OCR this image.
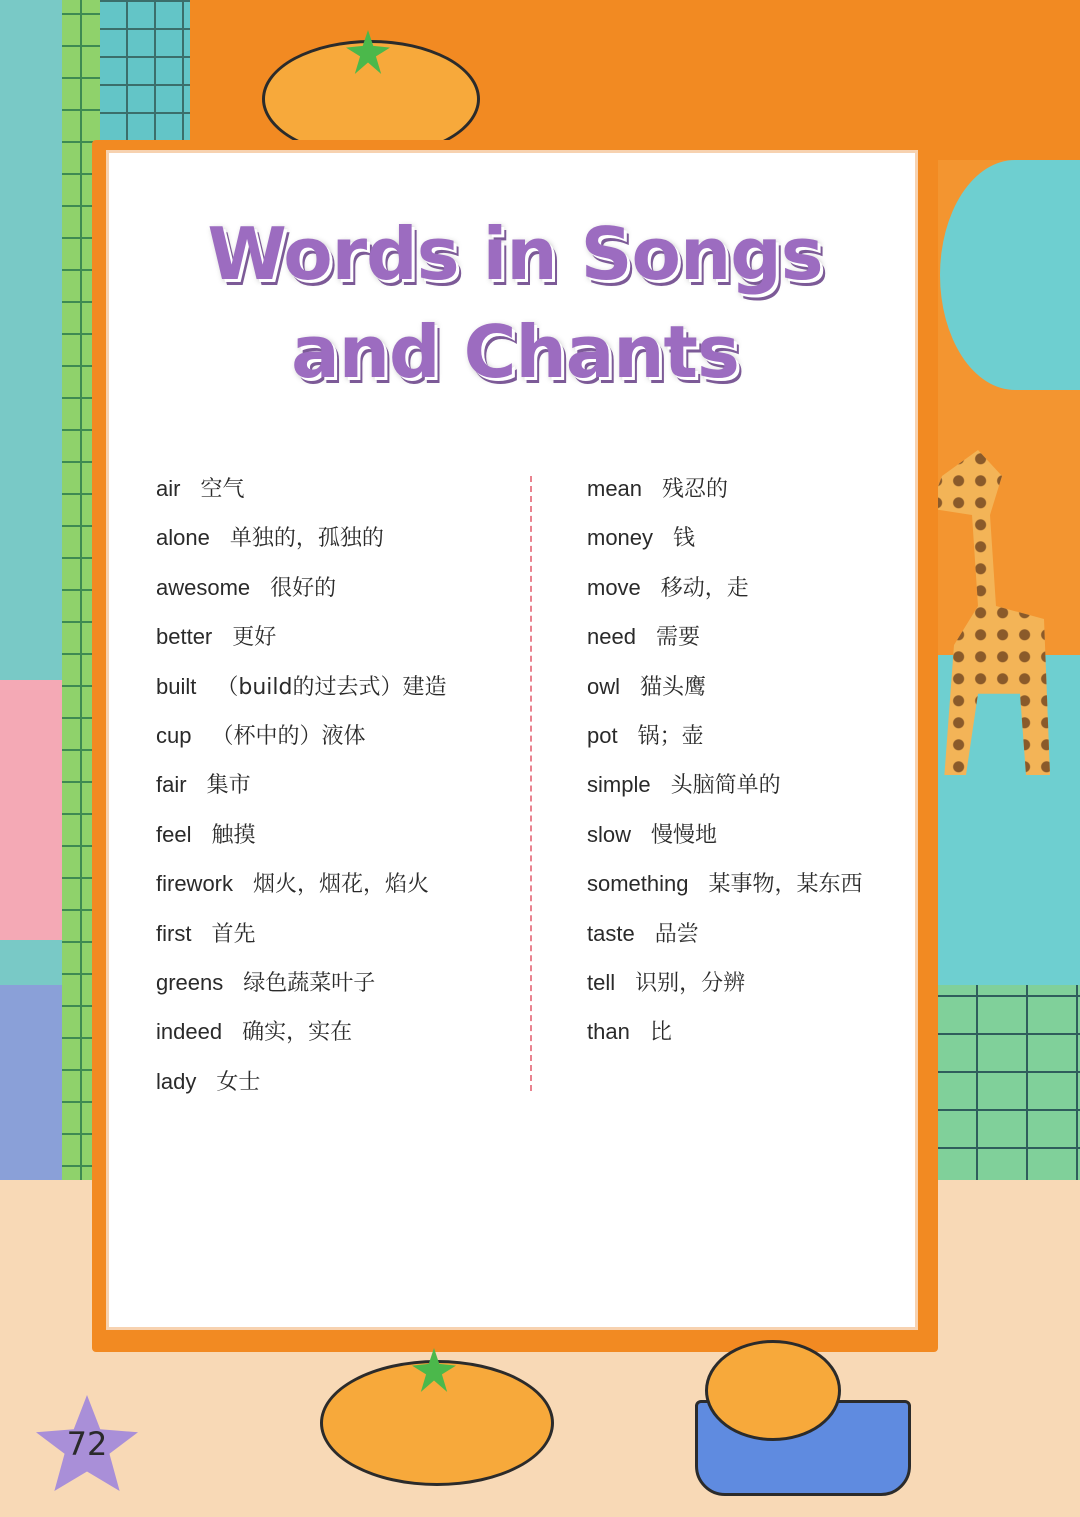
Words in Songs
and Chants
air 空气
alone 单独的，孤独的
awesome 很好的
better 更好
built （build的过去式）建造
cup （杯中的）液体
fair 集市
feel 触摸
firework 烟火，烟花，焰火
first 首先
greens 绿色蔬菜叶子
indeed 确实，实在
lady 女士
mean 残忍的
money 钱
move 移动，走
need 需要
owl 猫头鹰
pot 锅；壶
simple 头脑简单的
slow 慢慢地
something 某事物，某东西
taste 品尝
tell 识别，分辨
than 比
72
